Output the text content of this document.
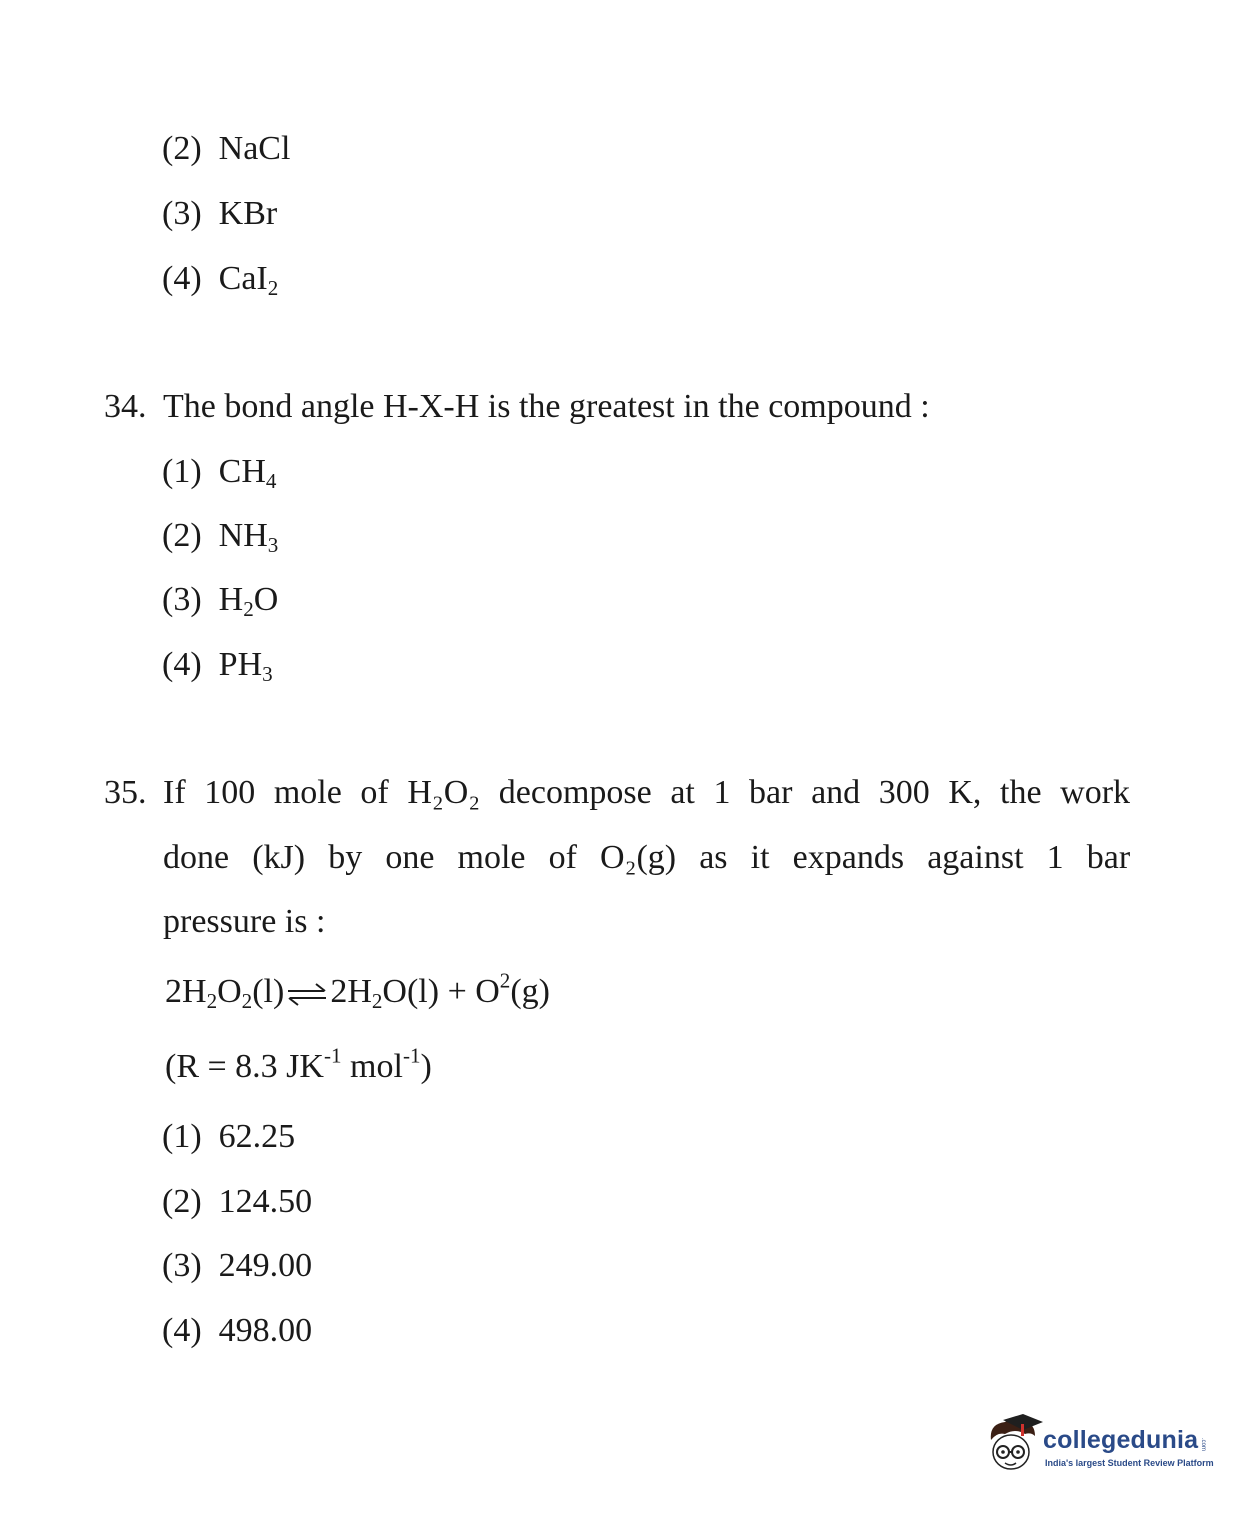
(2) NaCl
(3) KBr
(4) CaI$_2$
34. The bond angle H-X-H is the greatest in the compound :
(1) $CH_4$
(2) $NH_3$
(3) $H_2O$
(4) $PH_3$
35. If 100 mole of H₂O₂ decompose at 1 bar and 300 K, the work
done (kJ) by one mole of O₂(g) as it expands against 1 bar
pressure is :
$2H_2O_2(l)$ ⇌ $2H_2O(l) + O^2(g)$
(R = 8.3 $JK^{-1}$ mol$^{-1}$)
(1) 62.25
(2) 124.50
(3) 249.00
(4) 498.00
collegedunia .com
India's largest Student Review Platform
